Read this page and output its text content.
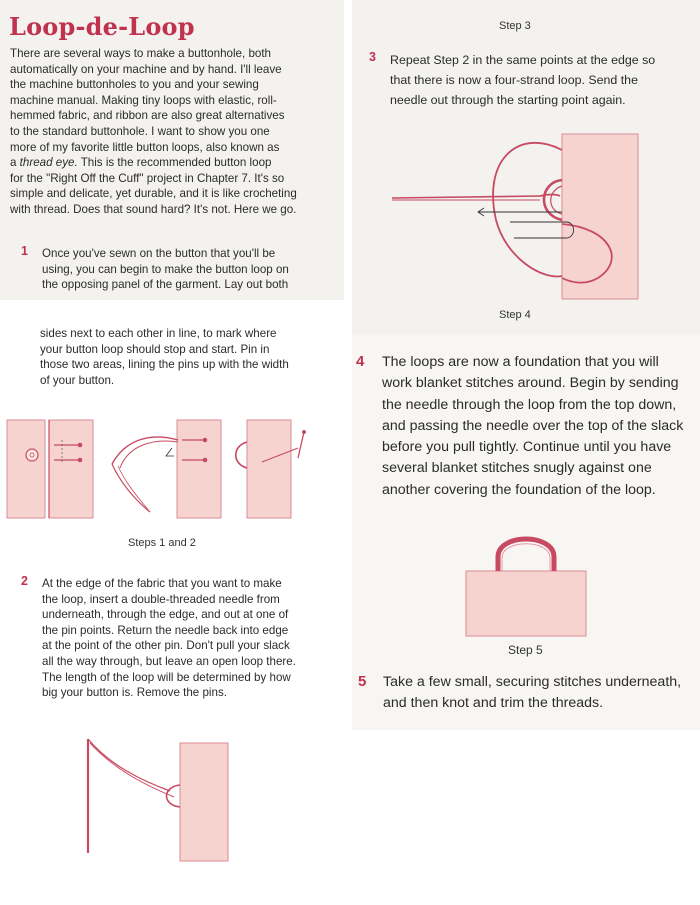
Loop-de-Loop
There are several ways to make a buttonhole, both
automatically on your machine and by hand. I'll leave
the machine buttonholes to you and your sewing
machine manual. Making tiny loops with elastic, roll-
hemmed fabric, and ribbon are also great alternatives
to the standard buttonhole. I want to show you one
more of my favorite little button loops, also known as
a thread eye. This is the recommended button loop
for the "Right Off the Cuff" project in Chapter 7. It's so
simple and delicate, yet durable, and it is like crocheting
with thread. Does that sound hard? It's not. Here we go.
1 Once you've sewn on the button that you'll be
using, you can begin to make the button loop on
the opposing panel of the garment. Lay out both
sides next to each other in line, to mark where
your button loop should stop and start. Pin in
those two areas, lining the pins up with the width
of your button.
Steps 1 and 2
2 At the edge of the fabric that you want to make
the loop, insert a double-threaded needle from
underneath, through the edge, and out at one of
the pin points. Return the needle back into edge
at the point of the other pin. Don't pull your slack
all the way through, but leave an open loop there.
The length of the loop will be determined by how
big your button is. Remove the pins.
Step 3
3 Repeat Step 2 in the same points at the edge so
that there is now a four-strand loop. Send the
needle out through the starting point again.
Step 4
4 The loops are now a foundation that you will
work blanket stitches around. Begin by sending
the needle through the loop from the top down,
and passing the needle over the top of the slack
before you pull tightly. Continue until you have
several blanket stitches snugly against one
another covering the foundation of the loop.
Step 5
5 Take a few small, securing stitches underneath,
and then knot and trim the threads.
